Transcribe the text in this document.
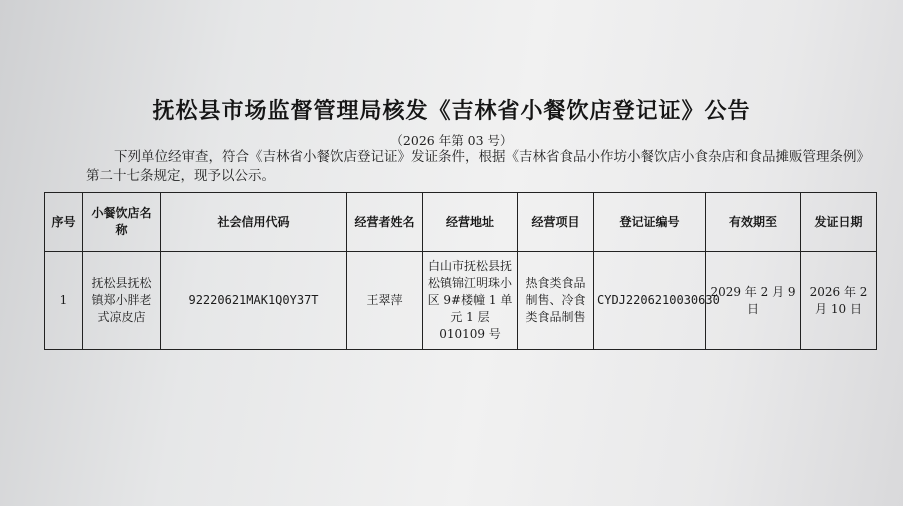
抚松县市场监督管理局核发《吉林省小餐饮店登记证》公告
（2026 年第 03 号）
下列单位经审查，符合《吉林省小餐饮店登记证》发证条件，根据《吉林省食品小作坊小餐饮店小食杂店和食品摊贩管理条例》第二十七条规定，现予以公示。
序号	小餐饮店名称	社会信用代码	经营者姓名	经营地址	经营项目	登记证编号	有效期至	发证日期
1	抚松县抚松镇郑小胖老式凉皮店	92220621MAK1Q0Y37T	王翠萍	白山市抚松县抚松镇锦江明珠小区 9#楼幢 1 单元 1 层 010109 号	热食类食品制售、冷食类食品制售	CYDJ2206210030630	2029 年 2 月 9 日	2026 年 2 月 10 日
